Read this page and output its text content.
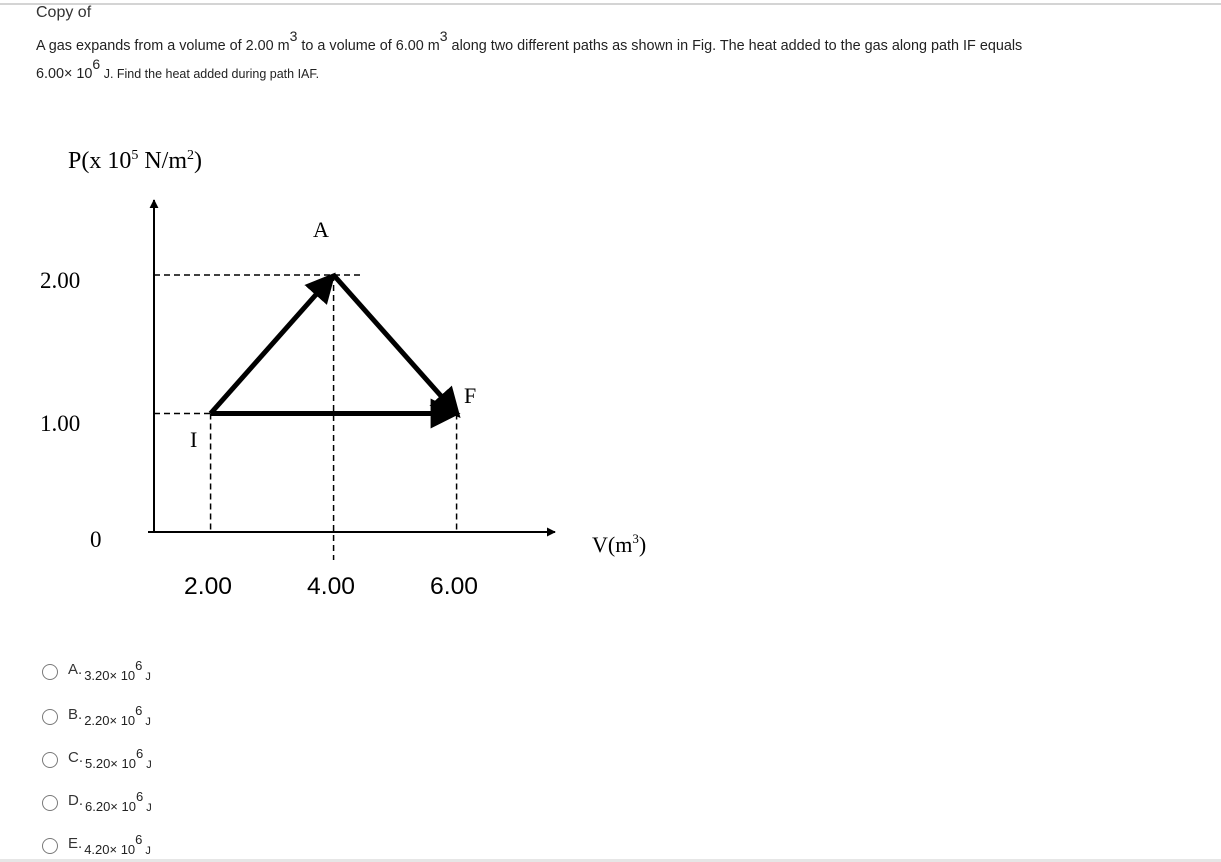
Copy of
A gas expands from a volume of 2.00 $m^3$ to a volume of 6.00 $m^3$ along two different paths as shown in Fig. The heat added to the gas along path IF equals
$6.00\times 10^6$ J. Find the heat added during path IAF.
P(x $10^5$ $N/m^2$)
2.00
1.00
0
2.00	4.00	6.00
$V(m^3)$
I
A
F
A. $3.20\times 10^6J$
B. $2.20\times 10^6J$
C. $5.20\times 10^6J$
D. $6.20\times 10^6J$
E. $4.20\times 10^6J$
